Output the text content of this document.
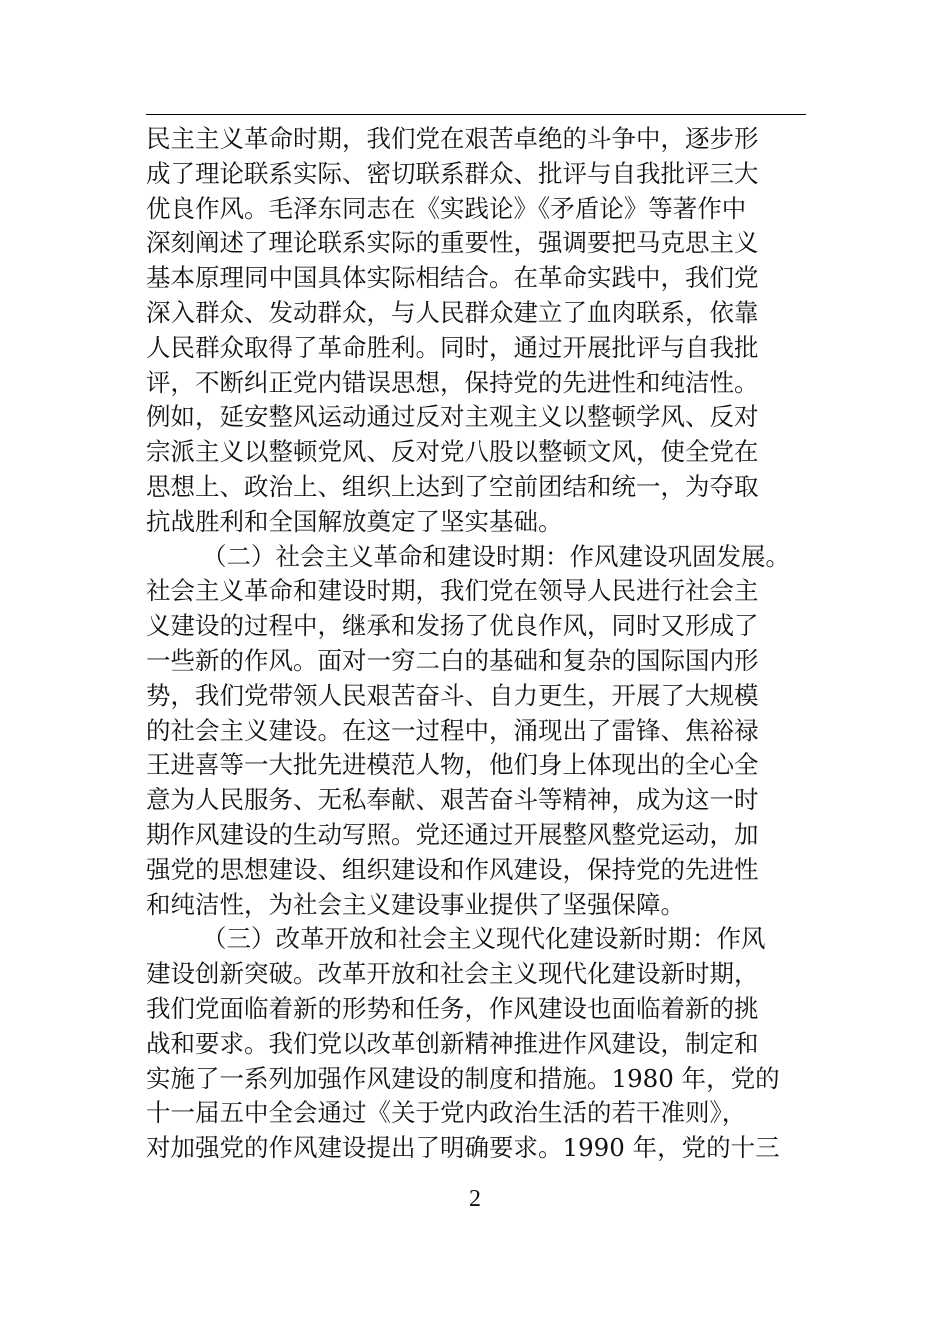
民主主义革命时期，我们党在艰苦卓绝的斗争中，逐步形
成了理论联系实际、密切联系群众、批评与自我批评三大
优良作风。毛泽东同志在《实践论》《矛盾论》等著作中
深刻阐述了理论联系实际的重要性，强调要把马克思主义
基本原理同中国具体实际相结合。在革命实践中，我们党
深入群众、发动群众，与人民群众建立了血肉联系，依靠
人民群众取得了革命胜利。同时，通过开展批评与自我批
评，不断纠正党内错误思想，保持党的先进性和纯洁性。
例如，延安整风运动通过反对主观主义以整顿学风、反对
宗派主义以整顿党风、反对党八股以整顿文风，使全党在
思想上、政治上、组织上达到了空前团结和统一，为夺取
抗战胜利和全国解放奠定了坚实基础。

（二）社会主义革命和建设时期：作风建设巩固发展。
社会主义革命和建设时期，我们党在领导人民进行社会主
义建设的过程中，继承和发扬了优良作风，同时又形成了
一些新的作风。面对一穷二白的基础和复杂的国际国内形
势，我们党带领人民艰苦奋斗、自力更生，开展了大规模
的社会主义建设。在这一过程中，涌现出了雷锋、焦裕禄
王进喜等一大批先进模范人物，他们身上体现出的全心全
意为人民服务、无私奉献、艰苦奋斗等精神，成为这一时
期作风建设的生动写照。党还通过开展整风整党运动，加
强党的思想建设、组织建设和作风建设，保持党的先进性
和纯洁性，为社会主义建设事业提供了坚强保障。

（三）改革开放和社会主义现代化建设新时期：作风
建设创新突破。改革开放和社会主义现代化建设新时期，
我们党面临着新的形势和任务，作风建设也面临着新的挑
战和要求。我们党以改革创新精神推进作风建设，制定和
实施了一系列加强作风建设的制度和措施。1980 年，党的
十一届五中全会通过《关于党内政治生活的若干准则》，
对加强党的作风建设提出了明确要求。1990 年，党的十三

2
